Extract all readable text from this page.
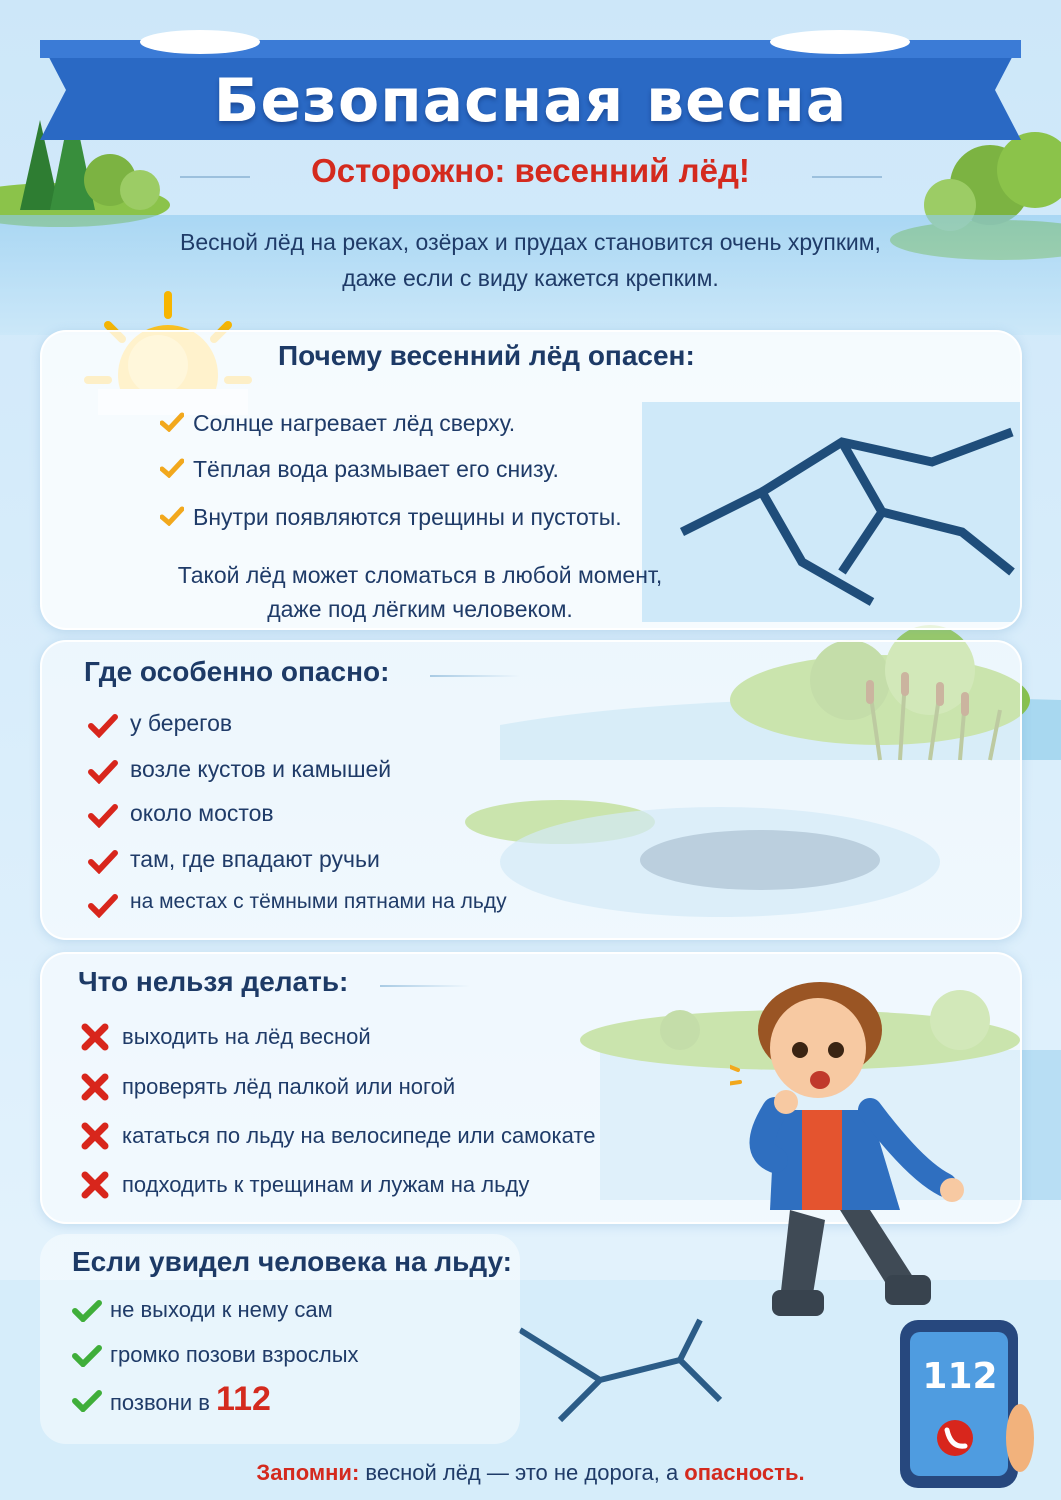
Безопасная весна
Осторожно: весенний лёд!
Весной лёд на реках, озёрах и прудах становится очень хрупким,
даже если с виду кажется крепким.
Почему весенний лёд опасен:
Солнце нагревает лёд сверху.
Тёплая вода размывает его снизу.
Внутри появляются трещины и пустоты.
Такой лёд может сломаться в любой момент,
даже под лёгким человеком.
Где особенно опасно:
у берегов
возле кустов и камышей
около мостов
там, где впадают ручьи
на местах с тёмными пятнами на льду
Что нельзя делать:
выходить на лёд весной
проверять лёд палкой или ногой
кататься по льду на велосипеде или самокате
подходить к трещинам и лужам на льду
Если увидел человека на льду:
не выходи к нему сам
громко позови взрослых
позвони в 112
112
Запомни: весной лёд — это не дорога, а опасность.
